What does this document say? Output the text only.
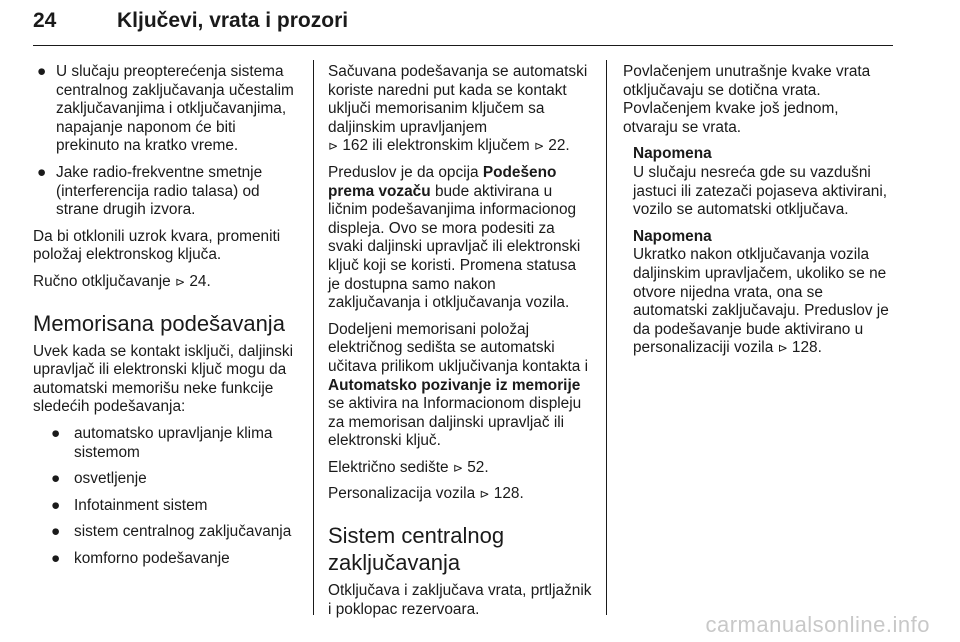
24	Ključevi, vrata i prozori
● U slučaju preopterećenja sistema centralnog zaključavanja učestalim zaključavanjima i otključavanjima, napajanje naponom će biti prekinuto na kratko vreme.
● Jake radio-frekventne smetnje (interferencija radio talasa) od strane drugih izvora.

Da bi otklonili uzrok kvara, promeniti položaj elektronskog ključa.

Ručno otključavanje ⊳ 24.

Memorisana podešavanja

Uvek kada se kontakt isključi, daljinski upravljač ili elektronski ključ mogu da automatski memorišu neke funkcije sledećih podešavanja:

● automatsko upravljanje klima sistemom
● osvetljenje
● Infotainment sistem
● sistem centralnog zaključavanja
● komforno podešavanje

Sačuvana podešavanja se automatski koriste naredni put kada se kontakt uključi memorisanim ključem sa daljinskim upravljanjem
⊳ 162 ili elektronskim ključem ⊳ 22.

Preduslov je da opcija Podešeno prema vozaču bude aktivirana u ličnim podešavanjima informacionog displeja. Ovo se mora podesiti za svaki daljinski upravljač ili elektronski ključ koji se koristi. Promena statusa je dostupna samo nakon zaključavanja i otključavanja vozila.

Dodeljeni memorisani položaj električnog sedišta se automatski učitava prilikom uključivanja kontakta i Automatsko pozivanje iz memorije se aktivira na Informacionom displeju za memorisan daljinski upravljač ili elektronski ključ.

Električno sedište ⊳ 52.

Personalizacija vozila ⊳ 128.

Sistem centralnog zaključavanja

Otključava i zaključava vrata, prtljažnik i poklopac rezervoara.

Povlačenjem unutrašnje kvake vrata otključavaju se dotična vrata. Povlačenjem kvake još jednom, otvaraju se vrata.

Napomena
U slučaju nesreća gde su vazdušni jastuci ili zatezači pojaseva aktivirani, vozilo se automatski otključava.
Napomena
Ukratko nakon otključavanja vozila daljinskim upravljačem, ukoliko se ne otvore nijedna vrata, ona se automatski zaključavaju. Preduslov je da podešavanje bude aktivirano u personalizaciji vozila ⊳ 128.
carmanualsonline.info
